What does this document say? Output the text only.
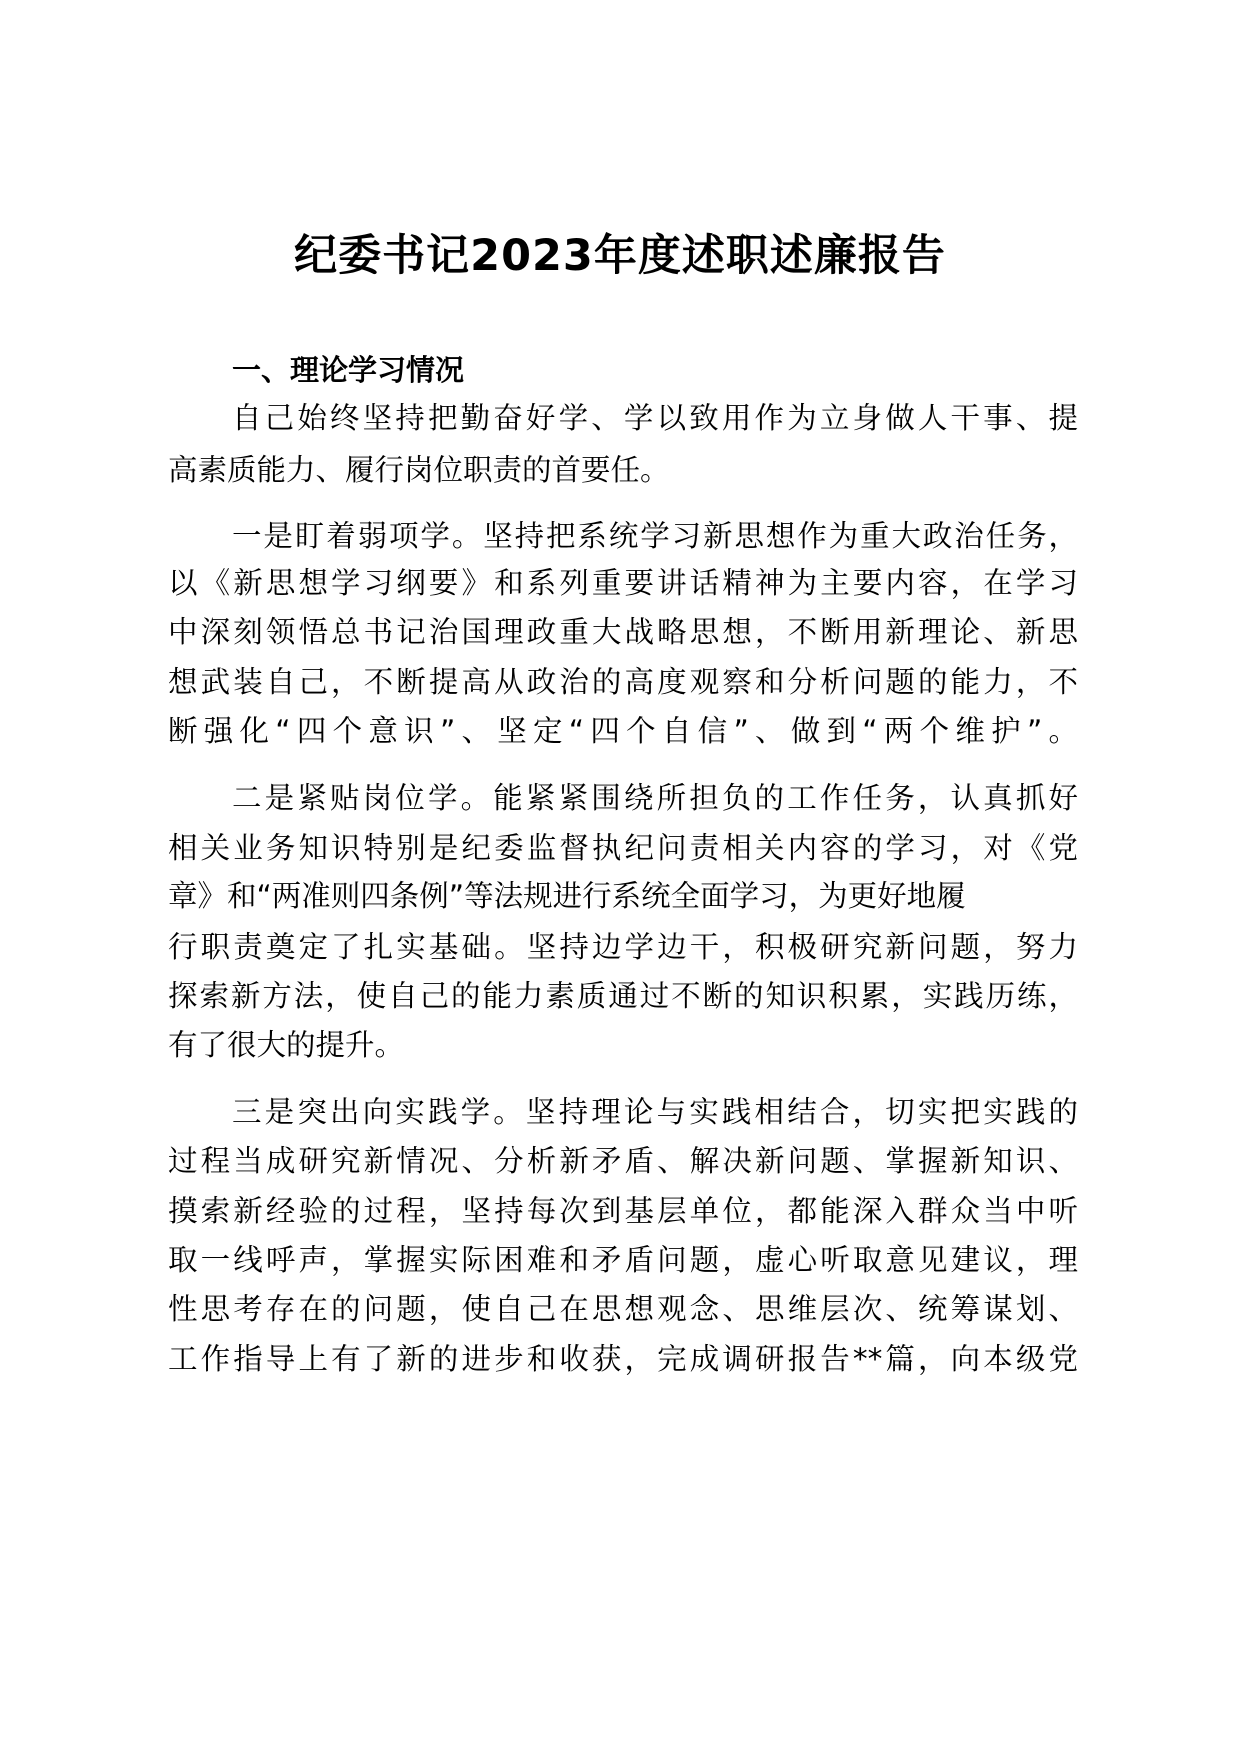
纪委书记2023年度述职述廉报告
一、理论学习情况
自己始终坚持把勤奋好学、学以致用作为立身做人干事、提
高素质能力、履行岗位职责的首要任。
一是盯着弱项学。坚持把系统学习新思想作为重大政治任务，
以《新思想学习纲要》和系列重要讲话精神为主要内容，在学习
中深刻领悟总书记治国理政重大战略思想，不断用新理论、新思
想武装自己，不断提高从政治的高度观察和分析问题的能力，不
断强化“四个意识”、坚定“四个自信”、做到“两个维护”。
二是紧贴岗位学。能紧紧围绕所担负的工作任务，认真抓好
相关业务知识特别是纪委监督执纪问责相关内容的学习，对《党
章》和“两准则四条例”等法规进行系统全面学习，为更好地履
行职责奠定了扎实基础。坚持边学边干，积极研究新问题，努力
探索新方法，使自己的能力素质通过不断的知识积累，实践历练，
有了很大的提升。
三是突出向实践学。坚持理论与实践相结合，切实把实践的
过程当成研究新情况、分析新矛盾、解决新问题、掌握新知识、
摸索新经验的过程，坚持每次到基层单位，都能深入群众当中听
取一线呼声，掌握实际困难和矛盾问题，虚心听取意见建议，理
性思考存在的问题，使自己在思想观念、思维层次、统筹谋划、
工作指导上有了新的进步和收获，完成调研报告**篇，向本级党
